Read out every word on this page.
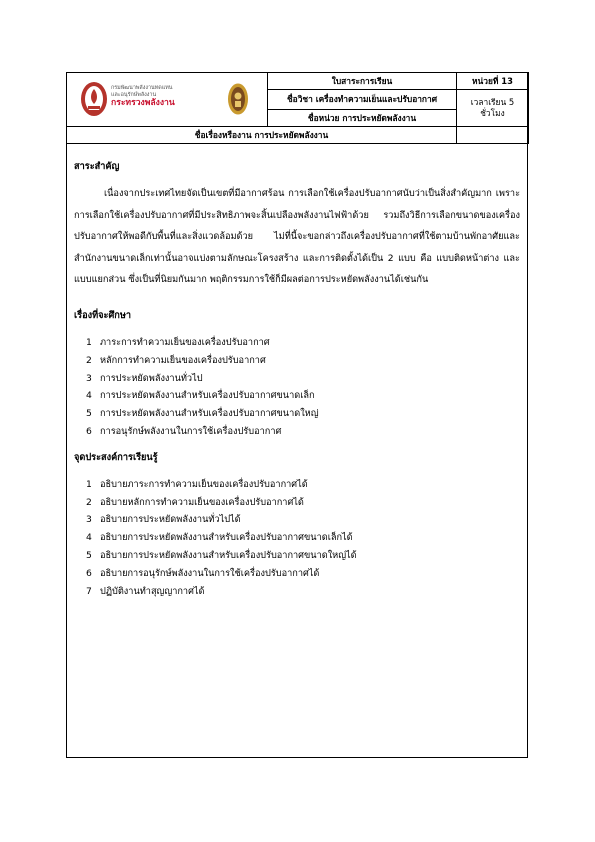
กรมพัฒนาพลังงานทดแทน
และอนุรักษ์พลังงาน
กระทรวงพลังงาน	ใบสาระการเรียน	หน่วยที่ 13
	ชื่อวิชา เครื่องทำความเย็นและปรับอากาศ	เวลาเรียน 5
ชั่วโมง

	ชื่อหน่วย การประหยัดพลังงาน	
ชื่อเรื่องหรืองาน การประหยัดพลังงาน		

สาระสำคัญ

เนื่องจากประเทศไทยจัดเป็นเขตที่มีอากาศร้อน การเลือกใช้เครื่องปรับอากาศนับว่าเป็นสิ่งสำคัญมาก เพราะการเลือกใช้เครื่องปรับอากาศที่มีประสิทธิภาพจะสิ้นเปลืองพลังงานไฟฟ้าด้วย รวมถึงวิธีการเลือกขนาดของเครื่องปรับอากาศให้พอดีกับพื้นที่และสิ่งแวดล้อมด้วย ไม่ที่นี้จะขอกล่าวถึงเครื่องปรับอากาศที่ใช้ตามบ้านพักอาศัยและสำนักงานขนาดเล็กเท่านั้นอาจแบ่งตามลักษณะโครงสร้าง และการติดตั้งได้เป็น 2 แบบ คือ แบบติดหน้าต่าง และแบบแยกส่วน ซึ่งเป็นที่นิยมกันมาก พฤติกรรมการใช้ก็มีผลต่อการประหยัดพลังงานได้เช่นกัน

เรื่องที่จะศึกษา

1 ภาระการทำความเย็นของเครื่องปรับอากาศ
2 หลักการทำความเย็นของเครื่องปรับอากาศ
3 การประหยัดพลังงานทั่วไป
4 การประหยัดพลังงานสำหรับเครื่องปรับอากาศขนาดเล็ก
5 การประหยัดพลังงานสำหรับเครื่องปรับอากาศขนาดใหญ่
6 การอนุรักษ์พลังงานในการใช้เครื่องปรับอากาศ

จุดประสงค์การเรียนรู้

1 อธิบายภาระการทำความเย็นของเครื่องปรับอากาศได้
2 อธิบายหลักการทำความเย็นของเครื่องปรับอากาศได้
3 อธิบายการประหยัดพลังงานทั่วไปได้
4 อธิบายการประหยัดพลังงานสำหรับเครื่องปรับอากาศขนาดเล็กได้
5 อธิบายการประหยัดพลังงานสำหรับเครื่องปรับอากาศขนาดใหญ่ได้
6 อธิบายการอนุรักษ์พลังงานในการใช้เครื่องปรับอากาศได้
7 ปฏิบัติงานทำสุญญากาศได้
